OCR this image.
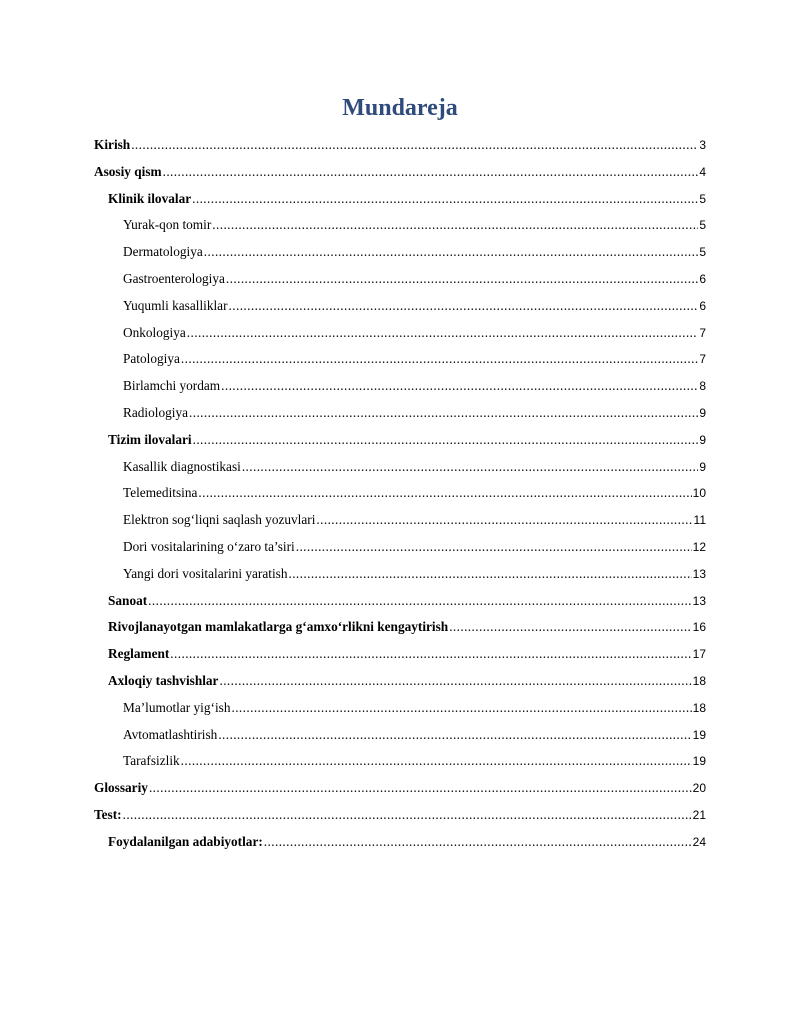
Mundareja
Kirish .....	3
Asosiy qism .....	4
Klinik ilovalar .....	5
Yurak-qon tomir .....	5
Dermatologiya .....	5
Gastroenterologiya .....	6
Yuqumli kasalliklar .....	6
Onkologiya .....	7
Patologiya .....	7
Birlamchi yordam .....	8
Radiologiya .....	9
Tizim ilovalari .....	9
Kasallik diagnostikasi .....	9
Telemeditsina .....	10
Elektron sog‘liqni saqlash yozuvlari .....	11
Dori vositalarining o‘zaro ta’siri .....	12
Yangi dori vositalarini yaratish .....	13
Sanoat .....	13
Rivojlanayotgan mamlakatlarga g‘amxo‘rlikni kengaytirish .....	16
Reglament .....	17
Axloqiy tashvishlar .....	18
Ma’lumotlar yig‘ish .....	18
Avtomatlashtirish .....	19
Tarafsizlik .....	19
Glossariy .....	20
Test: .....	21
Foydalanilgan adabiyotlar: .....	24
